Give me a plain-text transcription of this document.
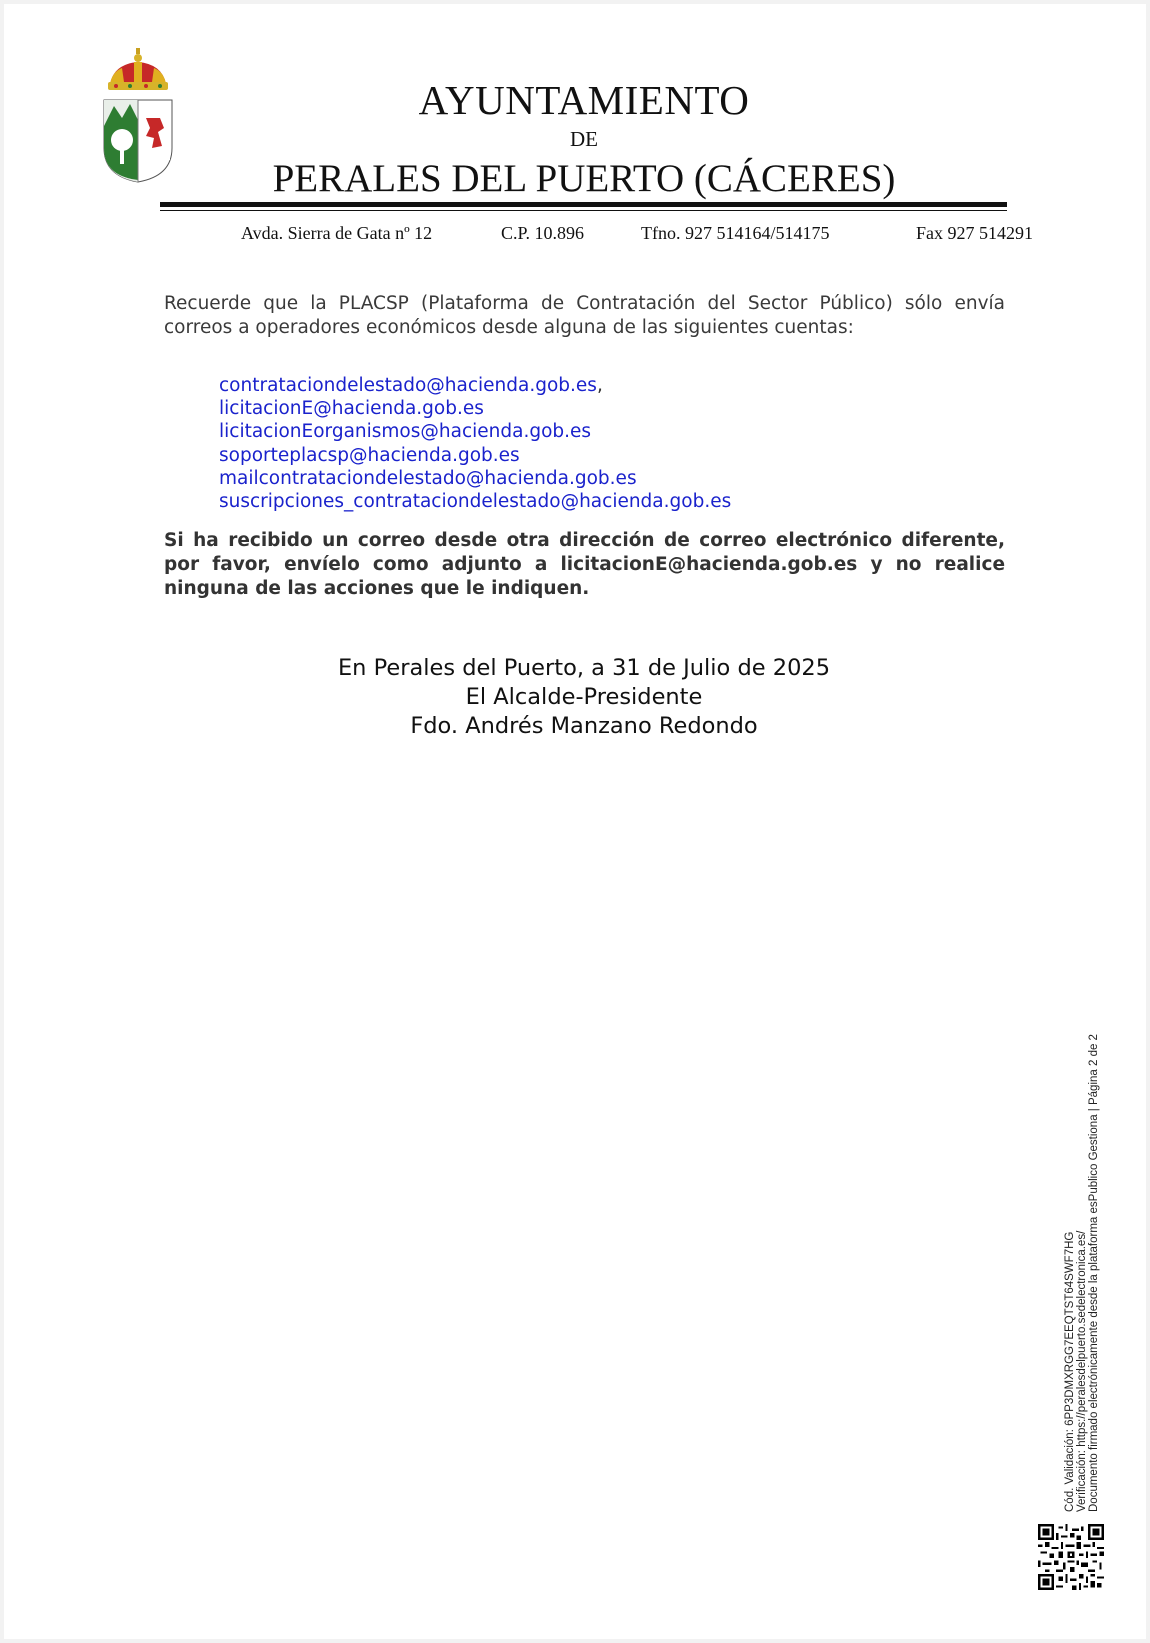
AYUNTAMIENTO
DE
PERALES DEL PUERTO (CÁCERES)
Avda. Sierra de Gata nº 12	C.P. 10.896	Tfno. 927 514164/514175	Fax 927 514291
Recuerde que la PLACSP (Plataforma de Contratación del Sector Público) sólo envía
correos a operadores económicos desde alguna de las siguientes cuentas:
contrataciondelestado@hacienda.gob.es,
licitacionE@hacienda.gob.es
licitacionEorganismos@hacienda.gob.es
soporteplacsp@hacienda.gob.es
mailcontrataciondelestado@hacienda.gob.es
suscripciones_contrataciondelestado@hacienda.gob.es
Si ha recibido un correo desde otra dirección de correo electrónico diferente,
por favor, envíelo como adjunto a licitacionE@hacienda.gob.es y no realice
ninguna de las acciones que le indiquen.
En Perales del Puerto, a 31 de Julio de 2025
El Alcalde-Presidente
Fdo. Andrés Manzano Redondo
Cód. Validación: 6PP3DMXRGG7EEQTST64SWF7HG Verificación: https://peralesdelpuerto.sedelectronica.es/ Documento firmado electrónicamente desde la plataforma esPublico Gestiona | Página 2 de 2
